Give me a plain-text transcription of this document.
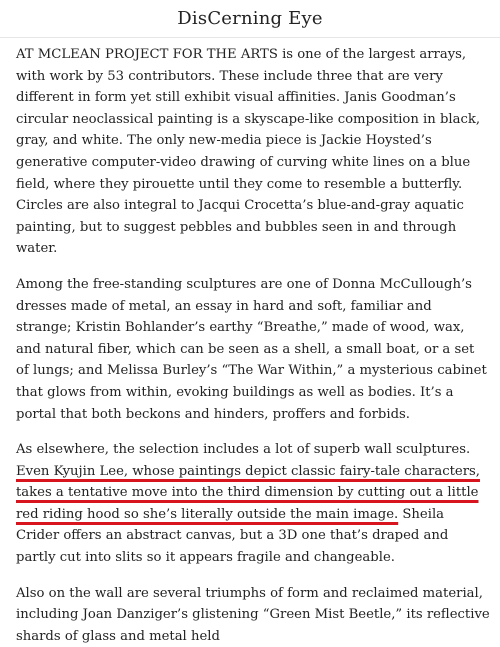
DisCerning Eye

AT MCLEAN PROJECT FOR THE ARTS is one of the largest arrays, with work by 53 contributors. These include three that are very different in form yet still exhibit visual affinities. Janis Goodman’s circular neoclassical painting is a skyscape-like composition in black, gray, and white. The only new-media piece is Jackie Hoysted’s generative computer-video drawing of curving white lines on a blue field, where they pirouette until they come to resemble a butterfly. Circles are also integral to Jacqui Crocetta’s blue-and-gray aquatic painting, but to suggest pebbles and bubbles seen in and through water.

Among the free-standing sculptures are one of Donna McCullough’s dresses made of metal, an essay in hard and soft, familiar and strange; Kristin Bohlander’s earthy “Breathe,” made of wood, wax, and natural fiber, which can be seen as a shell, a small boat, or a set of lungs; and Melissa Burley’s “The War Within,” a mysterious cabinet that glows from within, evoking buildings as well as bodies. It’s a portal that both beckons and hinders, proffers and forbids.

As elsewhere, the selection includes a lot of superb wall sculptures. Even Kyujin Lee, whose paintings depict classic fairy-tale characters, takes a tentative move into the third dimension by cutting out a little red riding hood so she’s literally outside the main image. Sheila Crider offers an abstract canvas, but a 3D one that’s draped and partly cut into slits so it appears fragile and changeable.

Also on the wall are several triumphs of form and reclaimed material, including Joan Danziger’s glistening “Green Mist Beetle,” its reflective shards of glass and metal held
